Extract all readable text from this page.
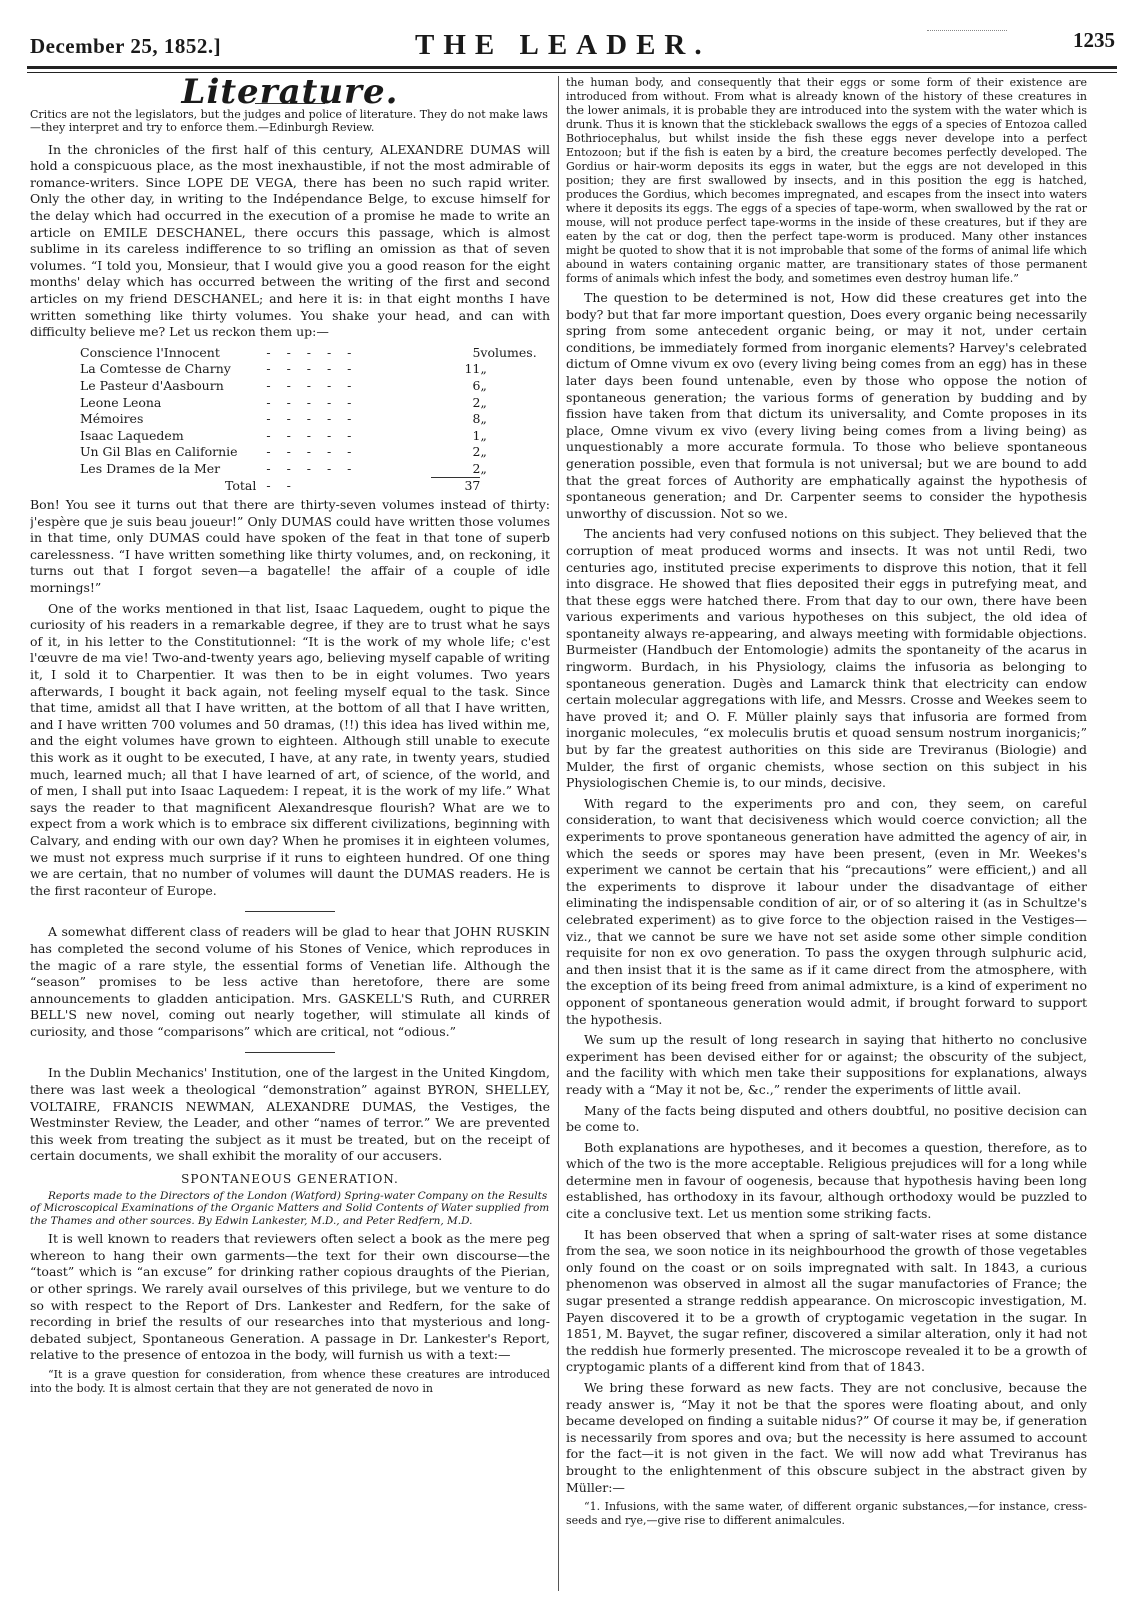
December 25, 1852.]	THE LEADER.	1235
Literature.

Critics are not the legislators, but the judges and police of literature. They do not make laws—they interpret and try to enforce them.—Edinburgh Review.

In the chronicles of the first half of this century, ALEXANDRE DUMAS will hold a conspicuous place, as the most inexhaustible, if not the most admirable of romance-writers. Since LOPE DE VEGA, there has been no such rapid writer. Only the other day, in writing to the Indépendance Belge, to excuse himself for the delay which had occurred in the execution of a promise he made to write an article on EMILE DESCHANEL, there occurs this passage, which is almost sublime in its careless indifference to so trifling an omission as that of seven volumes. “I told you, Monsieur, that I would give you a good reason for the eight months' delay which has occurred between the writing of the first and second articles on my friend DESCHANEL; and here it is: in that eight months I have written something like thirty volumes. You shake your head, and can with difficulty believe me? Let us reckon them up:—

Conscience l'Innocent	- - - - -	5	volumes.
La Comtesse de Charny	- - - - -	11	„
Le Pasteur d'Aasbourn	- - - - -	6	„
Leone Leona	- - - - -	2	„
Mémoires	- - - - -	8	„
Isaac Laquedem	- - - - -	1	„
Un Gil Blas en Californie	- - - - -	2	„
Les Drames de la Mer	- - - - -	2	„
Total	- -	37	

Bon! You see it turns out that there are thirty-seven volumes instead of thirty: j'espère que je suis beau joueur!” Only DUMAS could have written those volumes in that time, only DUMAS could have spoken of the feat in that tone of superb carelessness. “I have written something like thirty volumes, and, on reckoning, it turns out that I forgot seven—a bagatelle! the affair of a couple of idle mornings!”

One of the works mentioned in that list, Isaac Laquedem, ought to pique the curiosity of his readers in a remarkable degree, if they are to trust what he says of it, in his letter to the Constitutionnel: “It is the work of my whole life; c'est l'œuvre de ma vie! Two-and-twenty years ago, believing myself capable of writing it, I sold it to Charpentier. It was then to be in eight volumes. Two years afterwards, I bought it back again, not feeling myself equal to the task. Since that time, amidst all that I have written, at the bottom of all that I have written, and I have written 700 volumes and 50 dramas, (!!) this idea has lived within me, and the eight volumes have grown to eighteen. Although still unable to execute this work as it ought to be executed, I have, at any rate, in twenty years, studied much, learned much; all that I have learned of art, of science, of the world, and of men, I shall put into Isaac Laquedem: I repeat, it is the work of my life.” What says the reader to that magnificent Alexandresque flourish? What are we to expect from a work which is to embrace six different civilizations, beginning with Calvary, and ending with our own day? When he promises it in eighteen volumes, we must not express much surprise if it runs to eighteen hundred. Of one thing we are certain, that no number of volumes will daunt the DUMAS readers. He is the first raconteur of Europe.

A somewhat different class of readers will be glad to hear that JOHN RUSKIN has completed the second volume of his Stones of Venice, which reproduces in the magic of a rare style, the essential forms of Venetian life. Although the “season” promises to be less active than heretofore, there are some announcements to gladden anticipation. Mrs. GASKELL'S Ruth, and CURRER BELL'S new novel, coming out nearly together, will stimulate all kinds of curiosity, and those “comparisons” which are critical, not “odious.”

In the Dublin Mechanics' Institution, one of the largest in the United Kingdom, there was last week a theological “demonstration” against BYRON, SHELLEY, VOLTAIRE, FRANCIS NEWMAN, ALEXANDRE DUMAS, the Vestiges, the Westminster Review, the Leader, and other “names of terror.” We are prevented this week from treating the subject as it must be treated, but on the receipt of certain documents, we shall exhibit the morality of our accusers.

SPONTANEOUS GENERATION.

Reports made to the Directors of the London (Watford) Spring-water Company on the Results of Microscopical Examinations of the Organic Matters and Solid Contents of Water supplied from the Thames and other sources. By Edwin Lankester, M.D., and Peter Redfern, M.D.

It is well known to readers that reviewers often select a book as the mere peg whereon to hang their own garments—the text for their own discourse—the “toast” which is “an excuse” for drinking rather copious draughts of the Pierian, or other springs. We rarely avail ourselves of this privilege, but we venture to do so with respect to the Report of Drs. Lankester and Redfern, for the sake of recording in brief the results of our researches into that mysterious and long-debated subject, Spontaneous Generation. A passage in Dr. Lankester's Report, relative to the presence of entozoa in the body, will furnish us with a text:—

“It is a grave question for consideration, from whence these creatures are introduced into the body. It is almost certain that they are not generated de novo in

the human body, and consequently that their eggs or some form of their existence are introduced from without. From what is already known of the history of these creatures in the lower animals, it is probable they are introduced into the system with the water which is drunk. Thus it is known that the stickleback swallows the eggs of a species of Entozoa called Bothriocephalus, but whilst inside the fish these eggs never develope into a perfect Entozoon; but if the fish is eaten by a bird, the creature becomes perfectly developed. The Gordius or hair-worm deposits its eggs in water, but the eggs are not developed in this position; they are first swallowed by insects, and in this position the egg is hatched, produces the Gordius, which becomes impregnated, and escapes from the insect into waters where it deposits its eggs. The eggs of a species of tape-worm, when swallowed by the rat or mouse, will not produce perfect tape-worms in the inside of these creatures, but if they are eaten by the cat or dog, then the perfect tape-worm is produced. Many other instances might be quoted to show that it is not improbable that some of the forms of animal life which abound in waters containing organic matter, are transitionary states of those permanent forms of animals which infest the body, and sometimes even destroy human life.”

The question to be determined is not, How did these creatures get into the body? but that far more important question, Does every organic being necessarily spring from some antecedent organic being, or may it not, under certain conditions, be immediately formed from inorganic elements? Harvey's celebrated dictum of Omne vivum ex ovo (every living being comes from an egg) has in these later days been found untenable, even by those who oppose the notion of spontaneous generation; the various forms of generation by budding and by fission have taken from that dictum its universality, and Comte proposes in its place, Omne vivum ex vivo (every living being comes from a living being) as unquestionably a more accurate formula. To those who believe spontaneous generation possible, even that formula is not universal; but we are bound to add that the great forces of Authority are emphatically against the hypothesis of spontaneous generation; and Dr. Carpenter seems to consider the hypothesis unworthy of discussion. Not so we.

The ancients had very confused notions on this subject. They believed that the corruption of meat produced worms and insects. It was not until Redi, two centuries ago, instituted precise experiments to disprove this notion, that it fell into disgrace. He showed that flies deposited their eggs in putrefying meat, and that these eggs were hatched there. From that day to our own, there have been various experiments and various hypotheses on this subject, the old idea of spontaneity always re-appearing, and always meeting with formidable objections. Burmeister (Handbuch der Entomologie) admits the spontaneity of the acarus in ringworm. Burdach, in his Physiology, claims the infusoria as belonging to spontaneous generation. Dugès and Lamarck think that electricity can endow certain molecular aggregations with life, and Messrs. Crosse and Weekes seem to have proved it; and O. F. Müller plainly says that infusoria are formed from inorganic molecules, “ex moleculis brutis et quoad sensum nostrum inorganicis;” but by far the greatest authorities on this side are Treviranus (Biologie) and Mulder, the first of organic chemists, whose section on this subject in his Physiologischen Chemie is, to our minds, decisive.

With regard to the experiments pro and con, they seem, on careful consideration, to want that decisiveness which would coerce conviction; all the experiments to prove spontaneous generation have admitted the agency of air, in which the seeds or spores may have been present, (even in Mr. Weekes's experiment we cannot be certain that his “precautions” were efficient,) and all the experiments to disprove it labour under the disadvantage of either eliminating the indispensable condition of air, or of so altering it (as in Schultze's celebrated experiment) as to give force to the objection raised in the Vestiges—viz., that we cannot be sure we have not set aside some other simple condition requisite for non ex ovo generation. To pass the oxygen through sulphuric acid, and then insist that it is the same as if it came direct from the atmosphere, with the exception of its being freed from animal admixture, is a kind of experiment no opponent of spontaneous generation would admit, if brought forward to support the hypothesis.

We sum up the result of long research in saying that hitherto no conclusive experiment has been devised either for or against; the obscurity of the subject, and the facility with which men take their suppositions for explanations, always ready with a “May it not be, &c.,” render the experiments of little avail.

Many of the facts being disputed and others doubtful, no positive decision can be come to.

Both explanations are hypotheses, and it becomes a question, therefore, as to which of the two is the more acceptable. Religious prejudices will for a long while determine men in favour of oogenesis, because that hypothesis having been long established, has orthodoxy in its favour, although orthodoxy would be puzzled to cite a conclusive text. Let us mention some striking facts.

It has been observed that when a spring of salt-water rises at some distance from the sea, we soon notice in its neighbourhood the growth of those vegetables only found on the coast or on soils impregnated with salt. In 1843, a curious phenomenon was observed in almost all the sugar manufactories of France; the sugar presented a strange reddish appearance. On microscopic investigation, M. Payen discovered it to be a growth of cryptogamic vegetation in the sugar. In 1851, M. Bayvet, the sugar refiner, discovered a similar alteration, only it had not the reddish hue formerly presented. The microscope revealed it to be a growth of cryptogamic plants of a different kind from that of 1843.

We bring these forward as new facts. They are not conclusive, because the ready answer is, “May it not be that the spores were floating about, and only became developed on finding a suitable nidus?” Of course it may be, if generation is necessarily from spores and ova; but the necessity is here assumed to account for the fact—it is not given in the fact. We will now add what Treviranus has brought to the enlightenment of this obscure subject in the abstract given by Müller:—

“1. Infusions, with the same water, of different organic substances,—for instance, cress-seeds and rye,—give rise to different animalcules.
